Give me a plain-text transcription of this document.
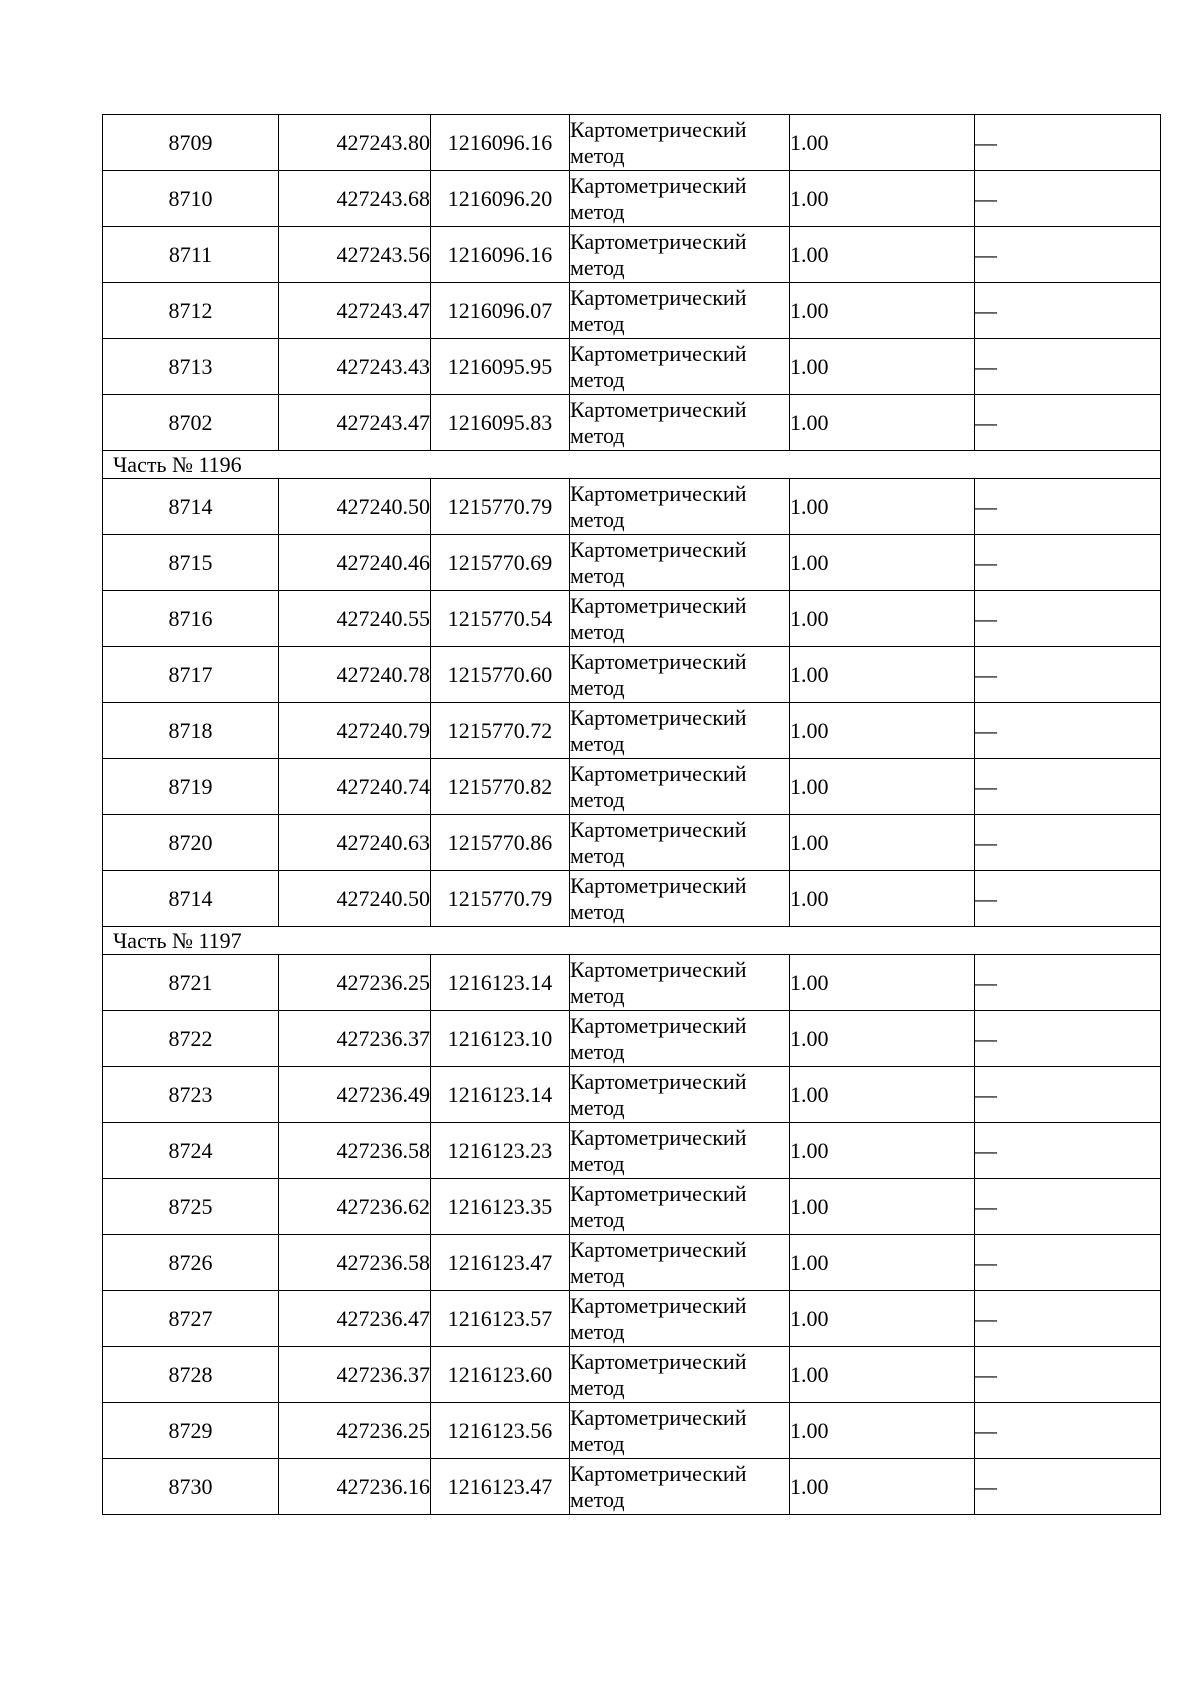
8709	427243.80	1216096.16	Картометрический
метод	1.00	—
8710	427243.68	1216096.20	Картометрический
метод	1.00	—
8711	427243.56	1216096.16	Картометрический
метод	1.00	—
8712	427243.47	1216096.07	Картометрический
метод	1.00	—
8713	427243.43	1216095.95	Картометрический
метод	1.00	—
8702	427243.47	1216095.83	Картометрический
метод	1.00	—
Часть № 1196					
8714	427240.50	1215770.79	Картометрический
метод	1.00	—
8715	427240.46	1215770.69	Картометрический
метод	1.00	—
8716	427240.55	1215770.54	Картометрический
метод	1.00	—
8717	427240.78	1215770.60	Картометрический
метод	1.00	—
8718	427240.79	1215770.72	Картометрический
метод	1.00	—
8719	427240.74	1215770.82	Картометрический
метод	1.00	—
8720	427240.63	1215770.86	Картометрический
метод	1.00	—
8714	427240.50	1215770.79	Картометрический
метод	1.00	—
Часть № 1197					
8721	427236.25	1216123.14	Картометрический
метод	1.00	—
8722	427236.37	1216123.10	Картометрический
метод	1.00	—
8723	427236.49	1216123.14	Картометрический
метод	1.00	—
8724	427236.58	1216123.23	Картометрический
метод	1.00	—
8725	427236.62	1216123.35	Картометрический
метод	1.00	—
8726	427236.58	1216123.47	Картометрический
метод	1.00	—
8727	427236.47	1216123.57	Картометрический
метод	1.00	—
8728	427236.37	1216123.60	Картометрический
метод	1.00	—
8729	427236.25	1216123.56	Картометрический
метод	1.00	—
8730	427236.16	1216123.47	Картометрический
метод	1.00	—
